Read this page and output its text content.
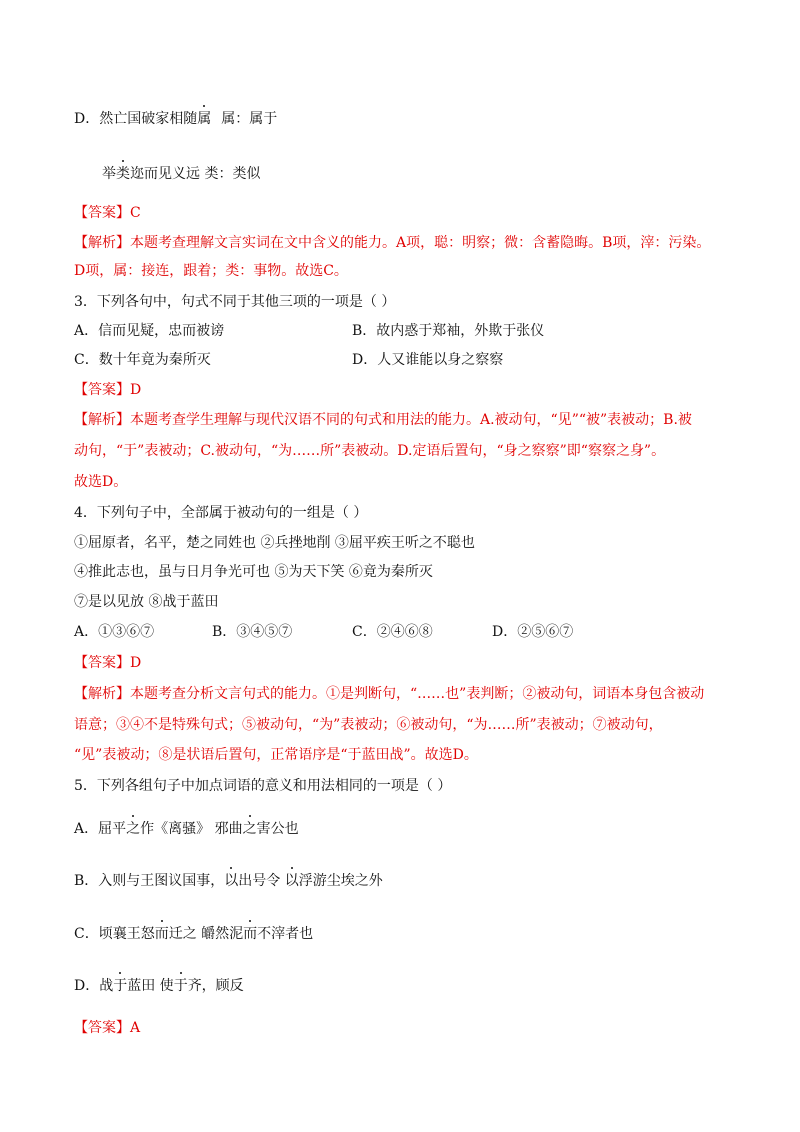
D．然亡国破家相随属 属：属于
举类迩而见义远 类：类似
【答案】C
【解析】本题考查理解文言实词在文中含义的能力。A项，聪：明察；微：含蓄隐晦。B项，滓：污染。
D项，属：接连，跟着；类：事物。故选C。
3．下列各句中，句式不同于其他三项的一项是（ ）
A．信而见疑，忠而被谤	B．故内惑于郑袖，外欺于张仪
C．数十年竟为秦所灭	D．人又谁能以身之察察
【答案】D
【解析】本题考查学生理解与现代汉语不同的句式和用法的能力。A.被动句，“见”“被”表被动；B.被
动句，“于”表被动；C.被动句，“为……所”表被动。D.定语后置句，“身之察察”即“察察之身”。
故选D。
4．下列句子中，全部属于被动句的一组是（ ）
①屈原者，名平，楚之同姓也 ②兵挫地削 ③屈平疾王听之不聪也
④推此志也，虽与日月争光可也 ⑤为天下笑 ⑥竟为秦所灭
⑦是以见放 ⑧战于蓝田
A．①③⑥⑦	B．③④⑤⑦	C．②④⑥⑧	D．②⑤⑥⑦
【答案】D
【解析】本题考查分析文言句式的能力。①是判断句，“……也”表判断；②被动句，词语本身包含被动
语意；③④不是特殊句式；⑤被动句，“为”表被动；⑥被动句，“为……所”表被动；⑦被动句，
“见”表被动；⑧是状语后置句，正常语序是“于蓝田战”。故选D。
5．下列各组句子中加点词语的意义和用法相同的一项是（ ）
A．屈平之作《离骚》 邪曲之害公也
B．入则与王图议国事，以出号令 以浮游尘埃之外
C．顷襄王怒而迁之 皭然泥而不滓者也
D．战于蓝田 使于齐，顾反
【答案】A
